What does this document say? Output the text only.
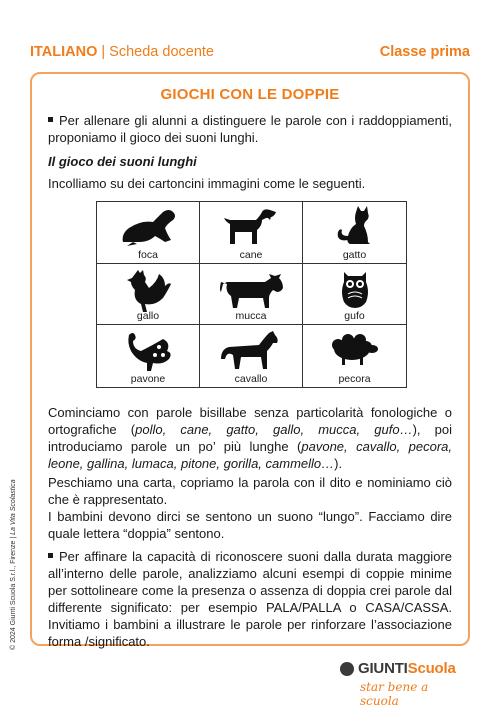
ITALIANO | Scheda docente	Classe prima
GIOCHI CON LE DOPPIE
Per allenare gli alunni a distinguere le parole con i raddoppiamenti, proponiamo il gioco dei suoni lunghi.
Il gioco dei suoni lunghi
Incolliamo su dei cartoncini immagini come le seguenti.
foca	cane	gatto
gallo	mucca	gufo
pavone	cavallo	pecora
Cominciamo con parole bisillabe senza particolarità fonologiche o ortografiche (pollo, cane, gatto, gallo, mucca, gufo…), poi introduciamo parole un po’ più lunghe (pavone, cavallo, pecora, leone, gallina, lumaca, pitone, gorilla, cammello…).
Peschiamo una carta, copriamo la parola con il dito e nominiamo ciò che è rappresentato.
I bambini devono dirci se sentono un suono “lungo”. Facciamo dire quale lettera “doppia” sentono.
Per affinare la capacità di riconoscere suoni dalla durata maggiore all’interno delle parole, analizziamo alcuni esempi di coppie minime per sottolineare come la presenza o assenza di doppia crei parole dal differente significato: per esempio PALA/PALLA o CASA/CASSA. Invitiamo i bambini a illustrare le parole per rinforzare l’associazione forma /significato.
© 2024 Giunti Scuola S.r.l., Firenze | La Vita Scolastica
GIUNTIScuola
star bene a scuola
